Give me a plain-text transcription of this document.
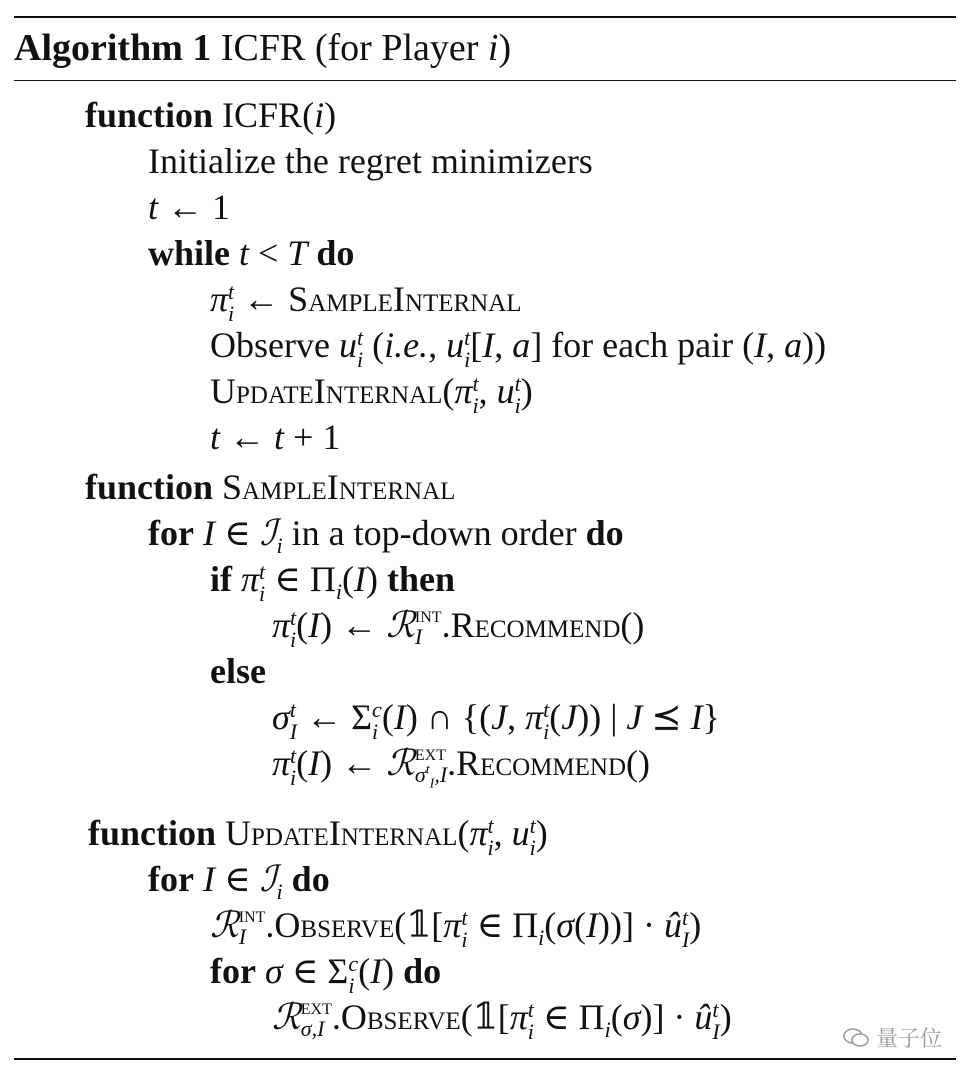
Algorithm 1 ICFR (for Player i)
function ICFR(i)
Initialize the regret minimizers
t ← 1
while t < T do
π t
i ← SampleInternal
Observe u t
i (i.e., u t
i [I, a] for each pair (I, a))
UpdateInternal(π t
i , u t
i )
t ← t + 1
function SampleInternal
for I ∈ ℐ$_i$ in a top-down order do
if π t
i ∈ $\Pi_i(I)$ then
π t
i (I) ← ℛ INT
I .Recommend()
else
σ t
I ← Σ c
i (I) ∩ {(J, π t
i (J)) | J ⪯ I}
π t
i (I) ← ℛ EXT
$\sigma^t_I,I$ .Recommend()
function UpdateInternal(π t
i , u t
i )
for I ∈ ℐ$_i$ do
ℛ INT
I .Observe(𝟙[π t
i ∈ $\Pi_i(\sigma(I))$] · û t
I )
for σ ∈ Σ c
i (I) do
ℛ EXT
σ,I .Observe(𝟙[π t
i ∈ $\Pi_i(\sigma)$] · û t
I )
量子位
